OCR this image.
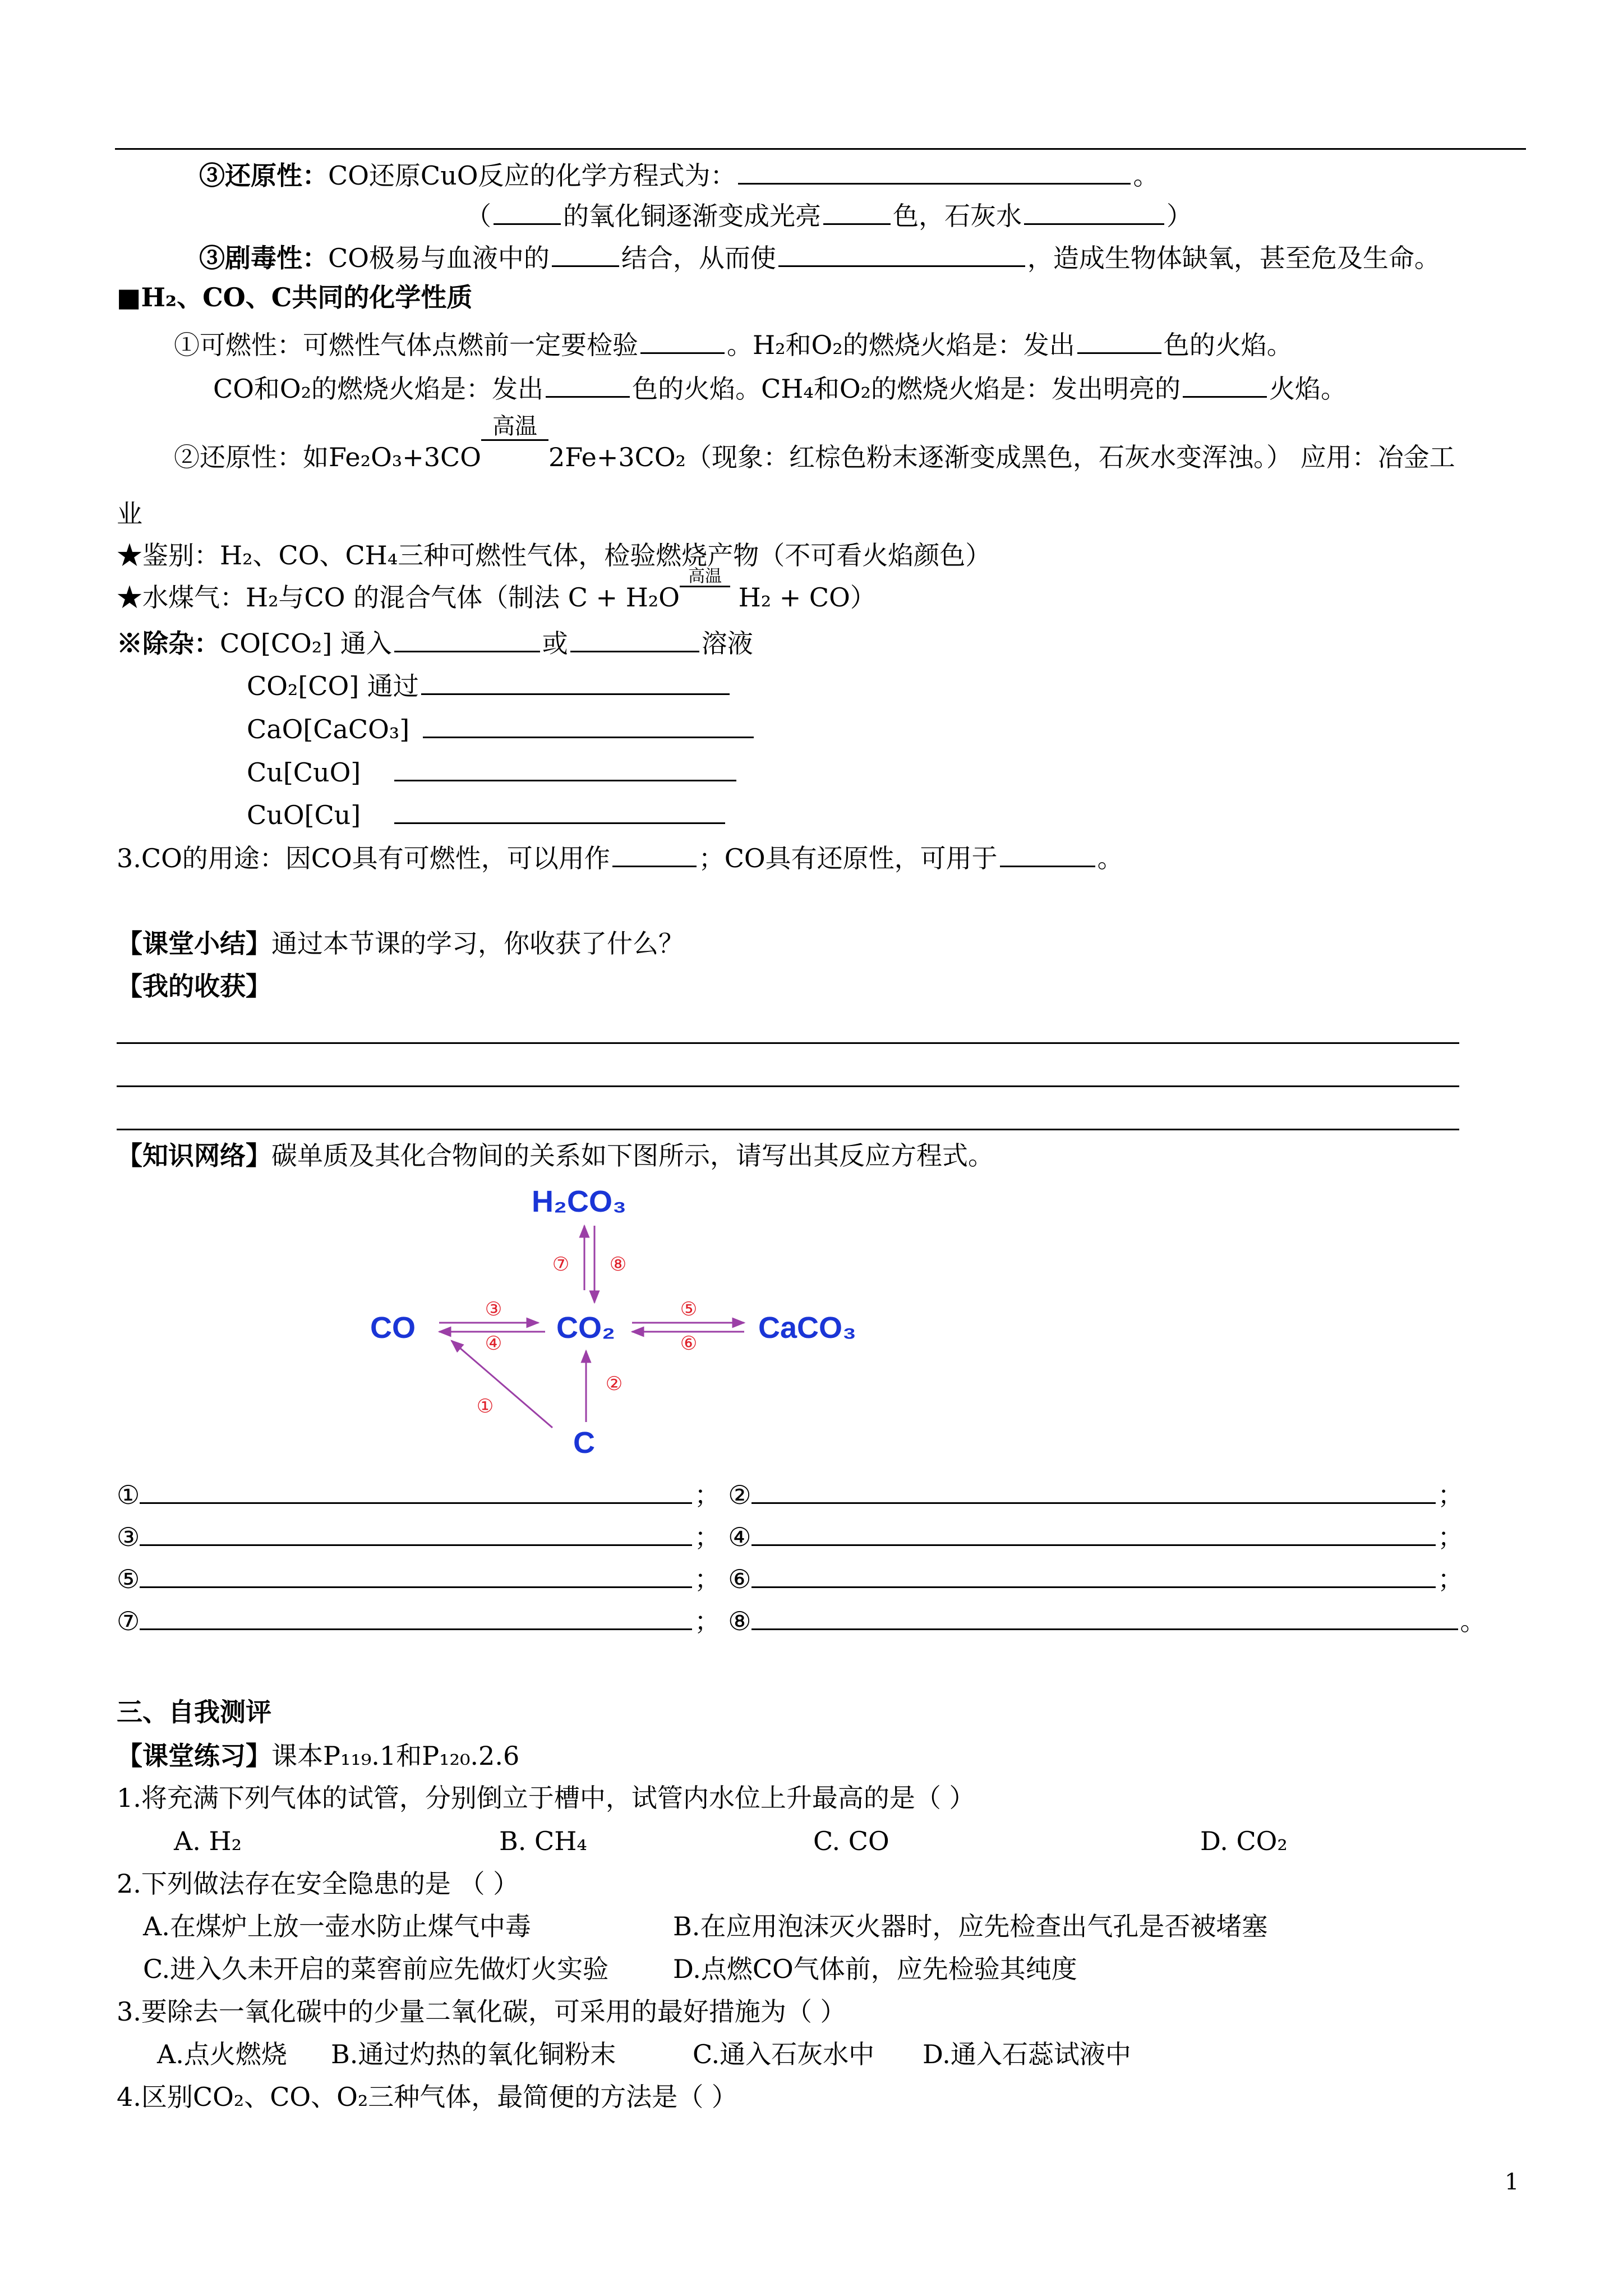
③还原性：CO还原CuO反应的化学方程式为：	。
（	的氧化铜逐渐变成光亮	色，石灰水	）
③剧毒性：CO极易与血液中的	结合，从而使	，造成生物体缺氧，甚至危及生命。
■H₂、CO、C共同的化学性质
①可燃性：可燃性气体点燃前一定要检验	。H₂和O₂的燃烧火焰是：发出	色的火焰。
CO和O₂的燃烧火焰是：发出	色的火焰。CH₄和O₂的燃烧火焰是：发出明亮的	火焰。
②还原性：如Fe₂O₃+3CO
高温
2Fe+3CO₂（现象：红棕色粉末逐渐变成黑色，石灰水变浑浊。） 应用：冶金工
业
★鉴别：H₂、CO、CH₄三种可燃性气体，检验燃烧产物（不可看火焰颜色）
★水煤气：H₂与CO 的混合气体（制法 C + H₂O
高温
H₂ + CO）
※除杂：CO[CO₂] 通入	或	溶液
CO₂[CO] 通过
CaO[CaCO₃]
Cu[CuO]
CuO[Cu]
3.CO的用途：因CO具有可燃性，可以用作	；CO具有还原性，可用于	。
【课堂小结】通过本节课的学习，你收获了什么？
【我的收获】
【知识网络】碳单质及其化合物间的关系如下图所示，请写出其反应方程式。
H₂CO₃
CO	CO₂	CaCO₃
C
①
②
③
④
⑤
⑥
⑦ ⑧
①	； ②	；
③	； ④	；
⑤	； ⑥	；
⑦	； ⑧	。
三、自我测评
【课堂练习】课本P₁₁₉.1和P₁₂₀.2.6
1.将充满下列气体的试管，分别倒立于槽中，试管内水位上升最高的是（ ）
A. H₂	B. CH₄	C. CO	D. CO₂
2.下列做法存在安全隐患的是 （ ）
A.在煤炉上放一壶水防止煤气中毒	B.在应用泡沫灭火器时，应先检查出气孔是否被堵塞
C.进入久未开启的菜窖前应先做灯火实验 D.点燃CO气体前，应先检验其纯度
3.要除去一氧化碳中的少量二氧化碳，可采用的最好措施为（ ）
A.点火燃烧 B.通过灼热的氧化铜粉末	C.通入石灰水中 D.通入石蕊试液中
4.区别CO₂、CO、O₂三种气体，最简便的方法是（ ）
1
